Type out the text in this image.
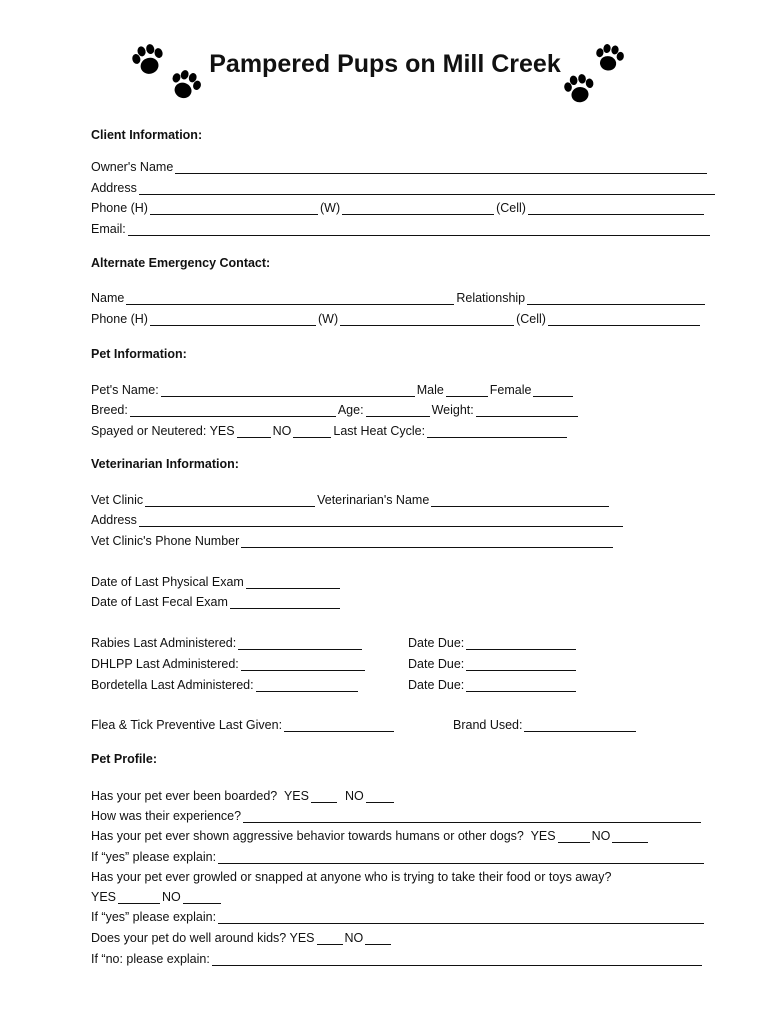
Pampered Pups on Mill Creek
Client Information:
Owner's Name
Address
Phone (H)	(W)	(Cell)
Email:
Alternate Emergency Contact:
Name	Relationship
Phone (H)	(W)	(Cell)
Pet Information:
Pet's Name:	Male	Female
Breed:	Age:	Weight:
Spayed or Neutered: YES	NO	Last Heat Cycle:
Veterinarian Information:
Vet Clinic	Veterinarian's Name
Address
Vet Clinic's Phone Number
Date of Last Physical Exam
Date of Last Fecal Exam
Rabies Last Administered:	Date Due:
DHLPP Last Administered:	Date Due:
Bordetella Last Administered:	Date Due:
Flea & Tick Preventive Last Given:	Brand Used:
Pet Profile:
Has your pet ever been boarded?  YES	NO
How was their experience?
Has your pet ever shown aggressive behavior towards humans or other dogs?  YES	NO
If “yes” please explain:
Has your pet ever growled or snapped at anyone who is trying to take their food or toys away?
YES	NO
If “yes” please explain:
Does your pet do well around kids? YES NO
If “no: please explain:
